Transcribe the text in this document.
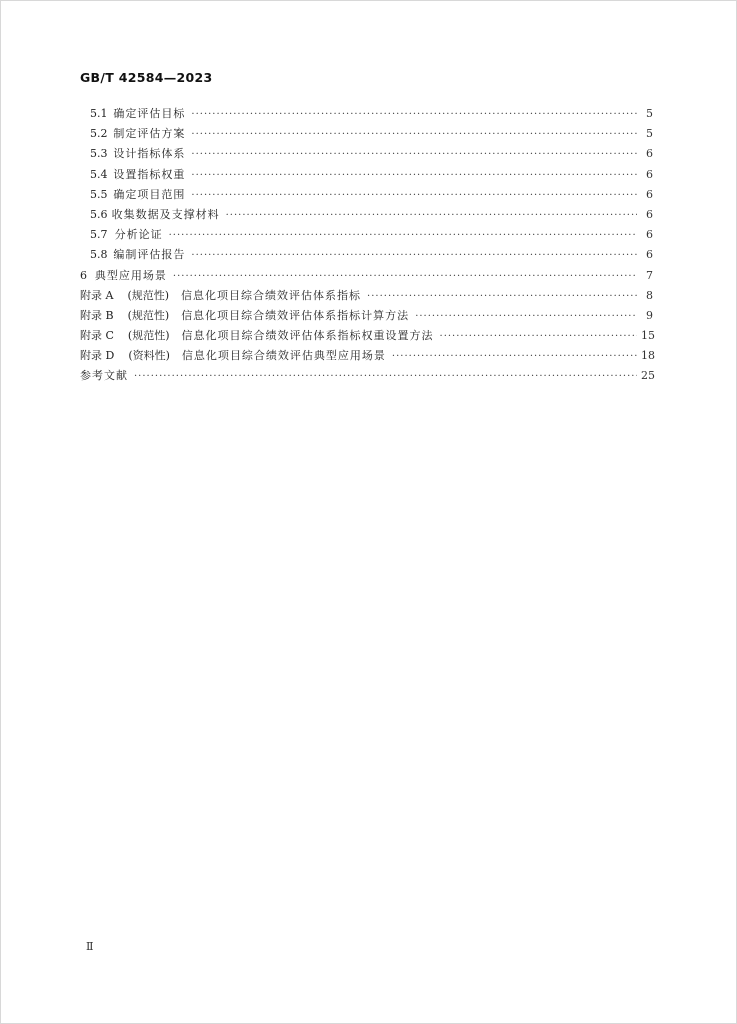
GB/T 42584—2023
5.1 确定评估目标 ·····	5
5.2 制定评估方案 ·····	5
5.3 设计指标体系 ·····	6
5.4 设置指标权重 ·····	6
5.5 确定项目范围 ·····	6
5.6 收集数据及支撑材料 ·····	6
5.7 分析论证 ·····	6
5.8 编制评估报告 ·····	6
6 典型应用场景 ·····	7
附录 A (规范性) 信息化项目综合绩效评估体系指标 ·····	8
附录 B (规范性) 信息化项目综合绩效评估体系指标计算方法 ·····	9
附录 C (规范性) 信息化项目综合绩效评估体系指标权重设置方法 ·····	15
附录 D (资料性) 信息化项目综合绩效评估典型应用场景 ·····	18
参考文献 ·····	25
Ⅱ
